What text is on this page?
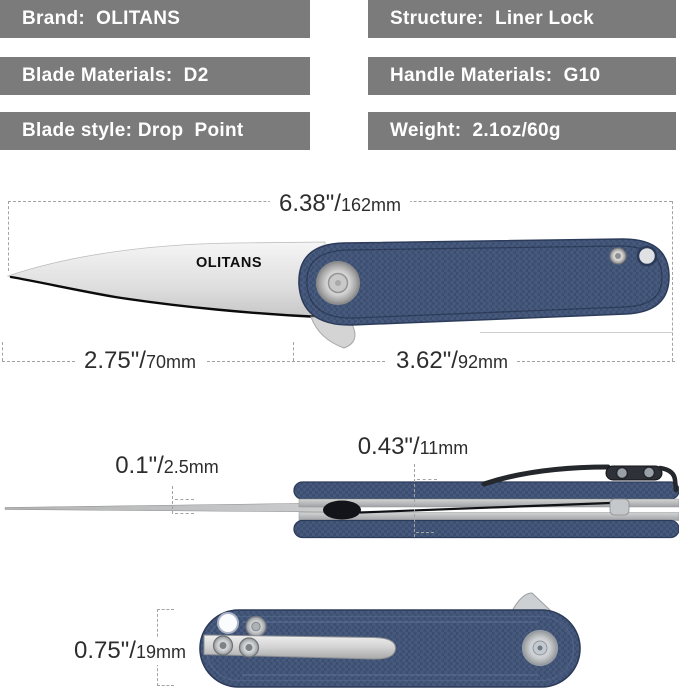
Brand:  OLITANS	Structure:  Liner Lock
Blade Materials:  D2	Handle Materials:  G10
Blade style: Drop  Point	Weight:  2.1oz/60g
OLITANS
6.38"/ 162mm
2.75"/ 70mm	3.62"/ 92mm
0.1"/ 2.5mm
0.43"/ 11mm
0.75"/ 19mm
